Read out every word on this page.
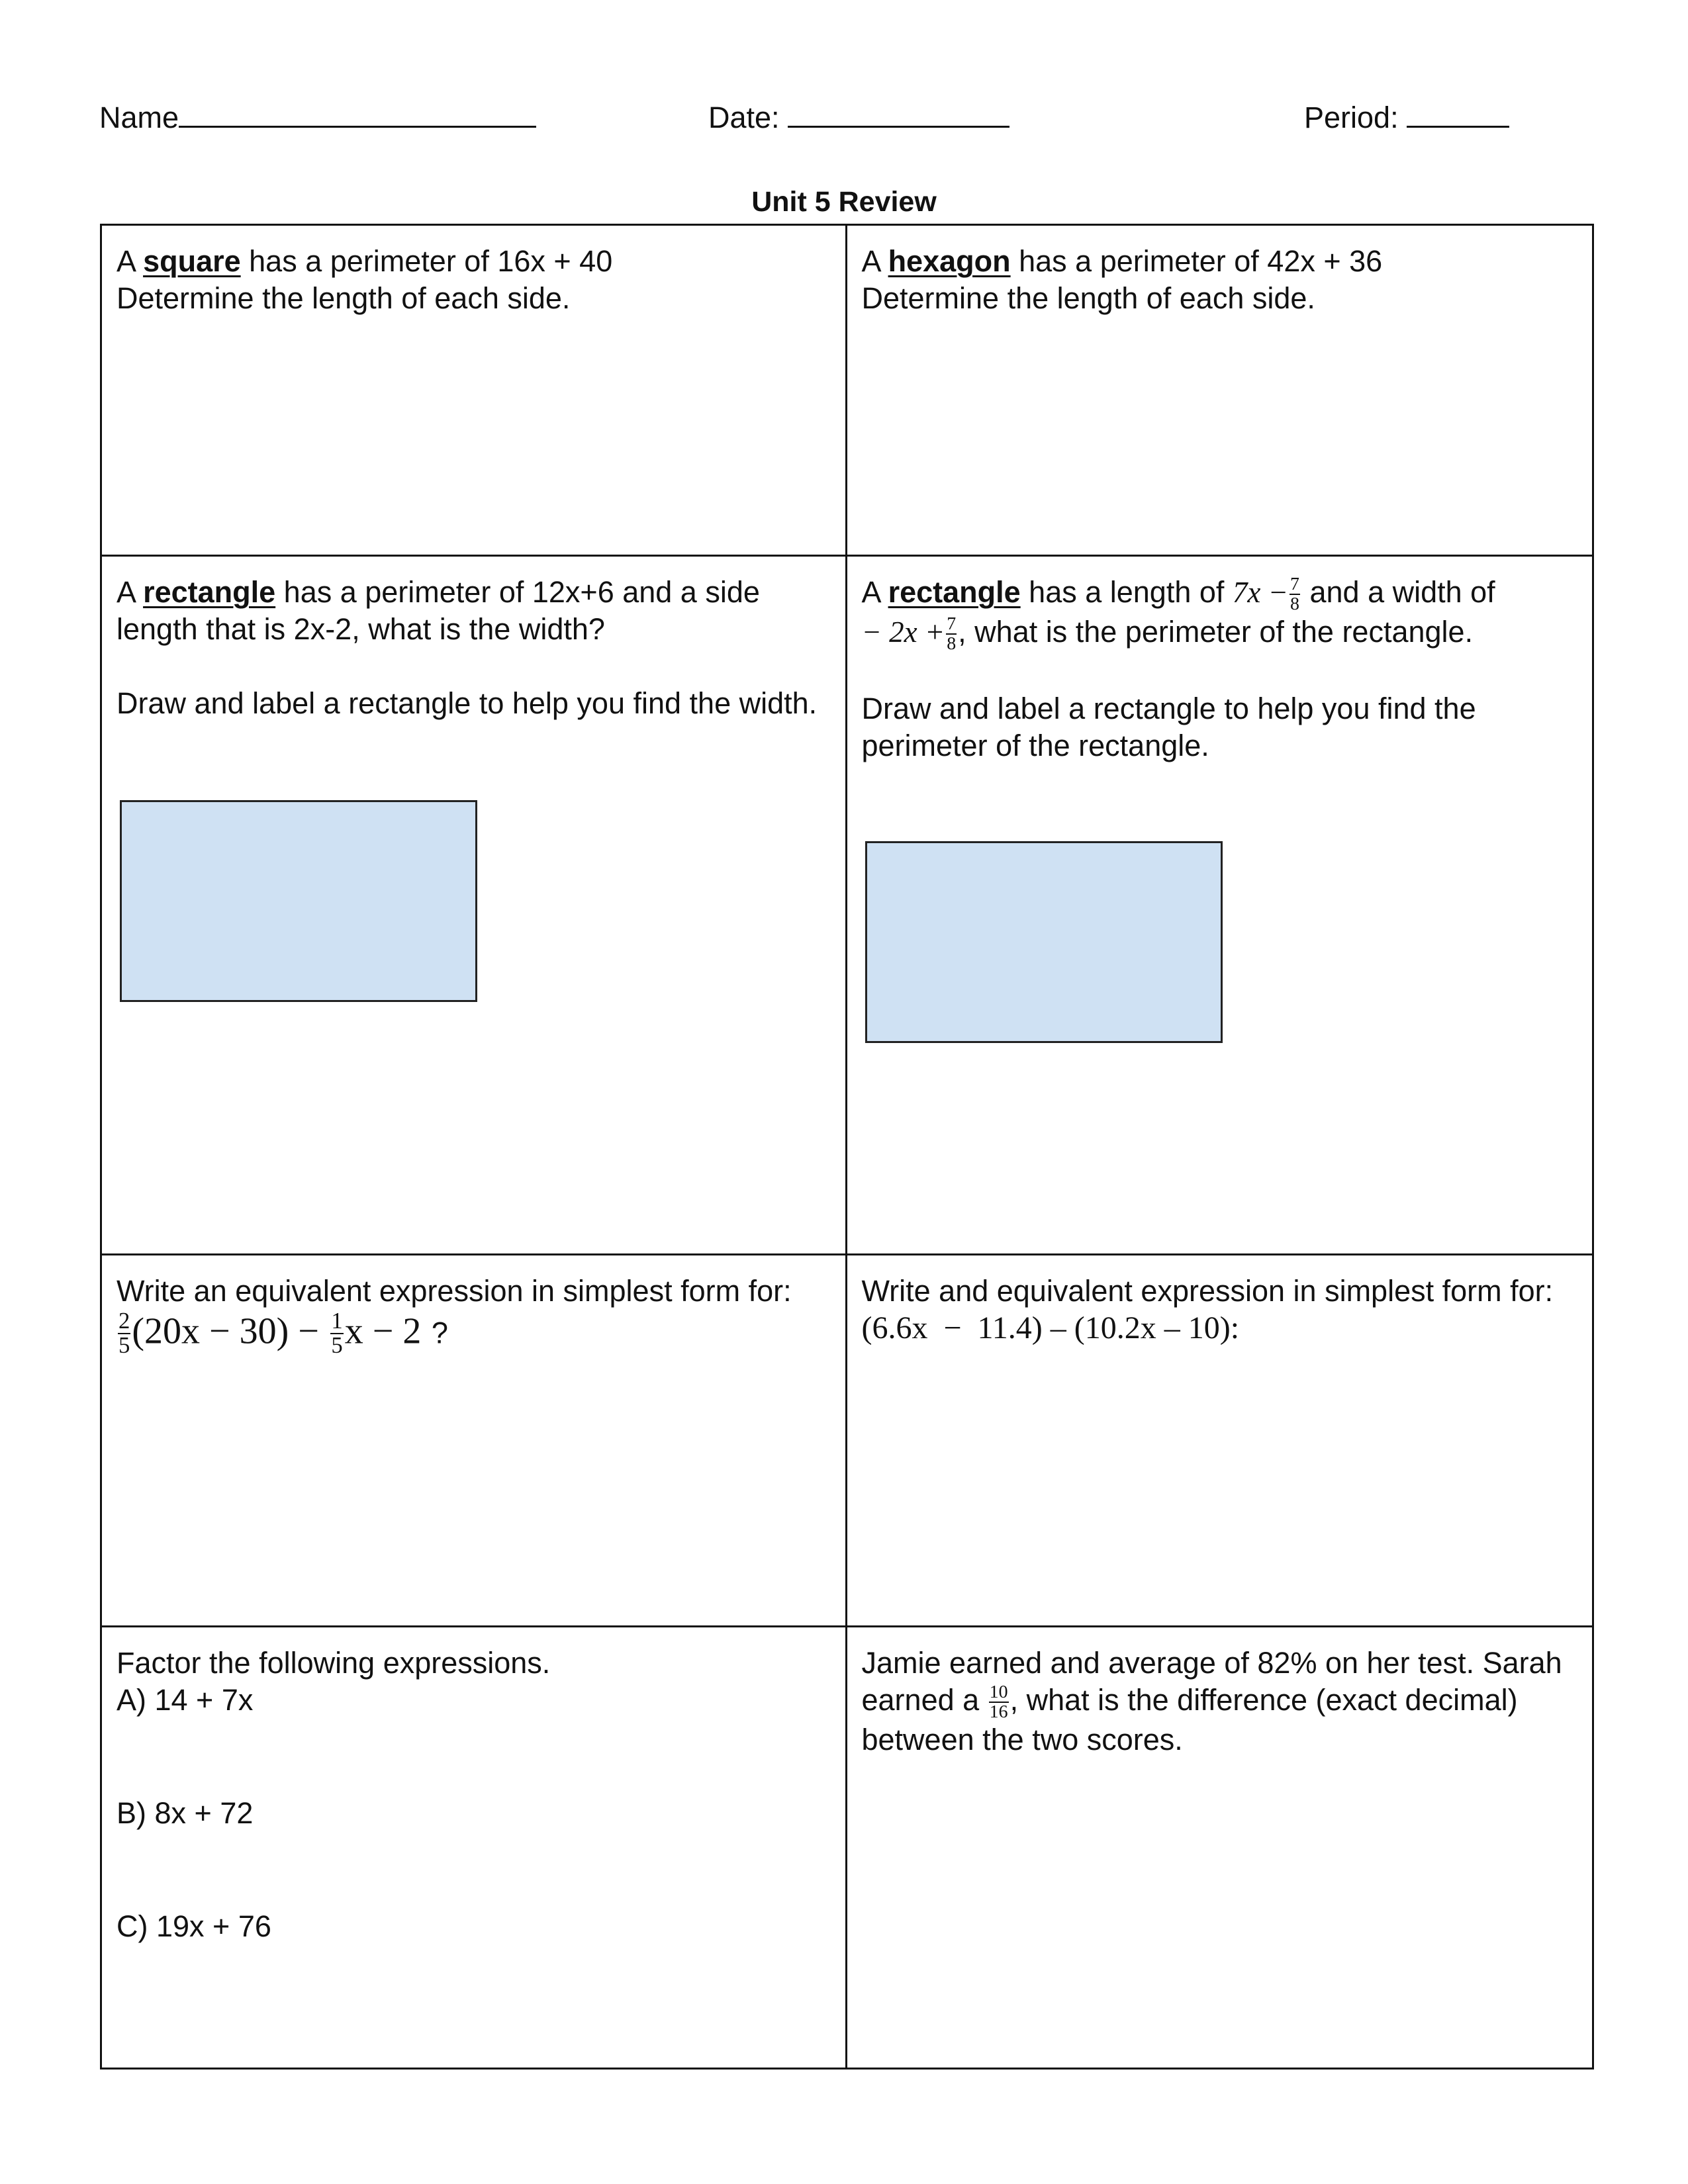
Name	Date:	Period:
Unit 5 Review

A square has a perimeter of 16x + 40

Determine the length of each side.

A hexagon has a perimeter of 42x + 36

Determine the length of each side.

A rectangle has a perimeter of 12x+6 and a side length that is 2x-2, what is the width?

Draw and label a rectangle to help you find the width.

A rectangle has a length of $7x - \frac{7}{8}$ and a width of
− $2x + \frac{7}{8}$ , what is the perimeter of the rectangle.

Draw and label a rectangle to help you find the perimeter of the rectangle.

Write an equivalent expression in simplest form for:

$\frac{2}{5} (20x - 30) - \frac{1}{5}$ x − 2 ?

Write and equivalent expression in simplest form for:

(6.6x  −  11.4) – (10.2x – 10):

Factor the following expressions.

A) 14 + 7x

B) 8x + 72

C) 19x + 76

Jamie earned and average of 82% on her test. Sarah

earned a $\frac{10}{16}$ , what is the difference (exact decimal)

between the two scores.
